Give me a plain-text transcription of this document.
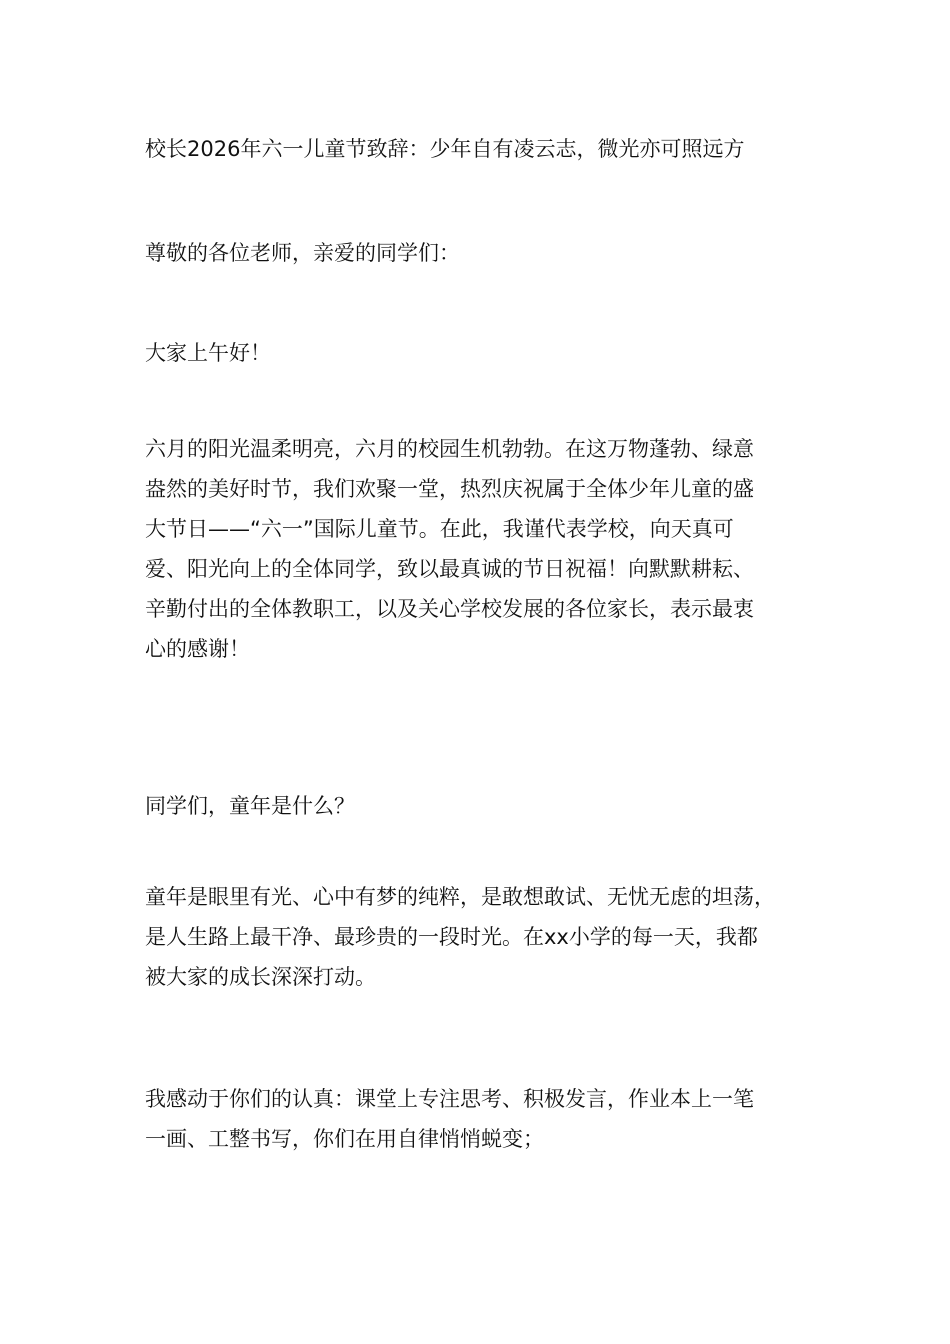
校长2026年六一儿童节致辞：少年自有凌云志，微光亦可照远方

尊敬的各位老师，亲爱的同学们：

大家上午好！

六月的阳光温柔明亮，六月的校园生机勃勃。在这万物蓬勃、绿意
盎然的美好时节，我们欢聚一堂，热烈庆祝属于全体少年儿童的盛
大节日——“六一”国际儿童节。在此，我谨代表学校，向天真可
爱、阳光向上的全体同学，致以最真诚的节日祝福！向默默耕耘、
辛勤付出的全体教职工，以及关心学校发展的各位家长，表示最衷
心的感谢！

同学们，童年是什么？

童年是眼里有光、心中有梦的纯粹，是敢想敢试、无忧无虑的坦荡，
是人生路上最干净、最珍贵的一段时光。在xx小学的每一天，我都
被大家的成长深深打动。

我感动于你们的认真：课堂上专注思考、积极发言，作业本上一笔
一画、工整书写，你们在用自律悄悄蜕变；
